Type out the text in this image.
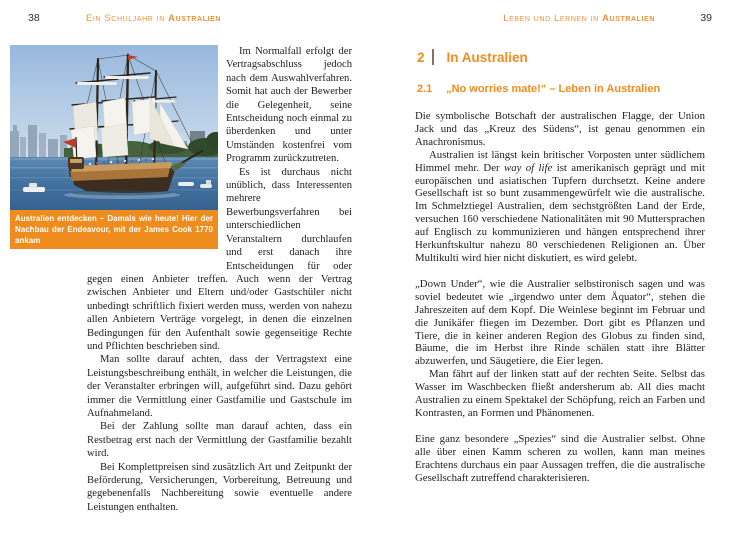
38	Ein Schuljahr in Australien
Australien entdecken – Damals wie heute! Hier der Nachbau der Endeavour, mit der James Cook 1770 ankam

Im Normalfall erfolgt der Vertragsabschluss jedoch nach dem Auswahlverfahren. Somit hat auch der Bewerber die Gelegenheit, seine Entscheidung noch einmal zu überdenken und unter Umständen kostenfrei vom Programm zurückzutreten.

Es ist durchaus nicht unüblich, dass Interessenten mehrere Bewerbungsverfahren bei unterschiedlichen Veranstaltern durchlaufen und erst danach ihre Entscheidungen für oder gegen einen Anbieter treffen. Auch wenn der Vertrag zwischen Anbieter und Eltern und/oder Gastschüler nicht unbedingt schriftlich fixiert werden muss, werden von nahezu allen Anbietern Verträge vorgelegt, in denen die einzelnen Bedingungen für den Aufenthalt sowie gegenseitige Rechte und Pflichten beschrieben sind.

Man sollte darauf achten, dass der Vertragstext eine Leistungsbeschreibung enthält, in welcher die Leistungen, die der Veranstalter erbringen will, aufgeführt sind. Dazu gehört immer die Vermittlung einer Gastfamilie und Gastschule im Aufnahmeland.

Bei der Zahlung sollte man darauf achten, dass ein Restbetrag erst nach der Vermittlung der Gastfamilie bezahlt wird.

Bei Komplettpreisen sind zusätzlich Art und Zeitpunkt der Beförderung, Versicherungen, Vorbereitung, Betreuung und gegebenenfalls Nachbereitung sowie eventuelle andere Leistungen enthalten.

Leben und Lernen in Australien	39
2 In Australien
2.1 „No worries mate!“ – Leben in Australien

Die symbolische Botschaft der australischen Flagge, der Union Jack und das „Kreuz des Südens“, ist genau genommen ein Anachronismus.

Australien ist längst kein britischer Vorposten unter südlichem Himmel mehr. Der way of life ist amerikanisch geprägt und mit europäischen und asiatischen Tupfern durchsetzt. Keine andere Gesellschaft ist so bunt zusammengewürfelt wie die australische. Im Schmelztiegel Australien, dem sechstgrößten Land der Erde, versuchen 160 verschiedene Nationalitäten mit 90 Muttersprachen auf Englisch zu kommunizieren und hängen entsprechend ihrer Herkunftskultur nahezu 80 verschiedenen Religionen an. Über Multikulti wird hier nicht diskutiert, es wird gelebt.

„Down Under“, wie die Australier selbstironisch sagen und was soviel bedeutet wie „irgendwo unter dem Äquator“, stehen die Jahreszeiten auf dem Kopf. Die Weinlese beginnt im Februar und die Junikäfer fliegen im Dezember. Dort gibt es Pflanzen und Tiere, die in keiner anderen Region des Globus zu finden sind, Bäume, die im Herbst ihre Rinde schälen statt ihre Blätter abzuwerfen, und Säugetiere, die Eier legen.

Man fährt auf der linken statt auf der rechten Seite. Selbst das Wasser im Waschbecken fließt andersherum ab. All dies macht Australien zu einem Spektakel der Schöpfung, reich an Farben und Kontrasten, an Formen und Phänomenen.

Eine ganz besondere „Spezies“ sind die Australier selbst. Ohne alle über einen Kamm scheren zu wollen, kann man meines Erachtens durchaus ein paar Aussagen treffen, die die australische Gesellschaft zutreffend charakterisieren.
